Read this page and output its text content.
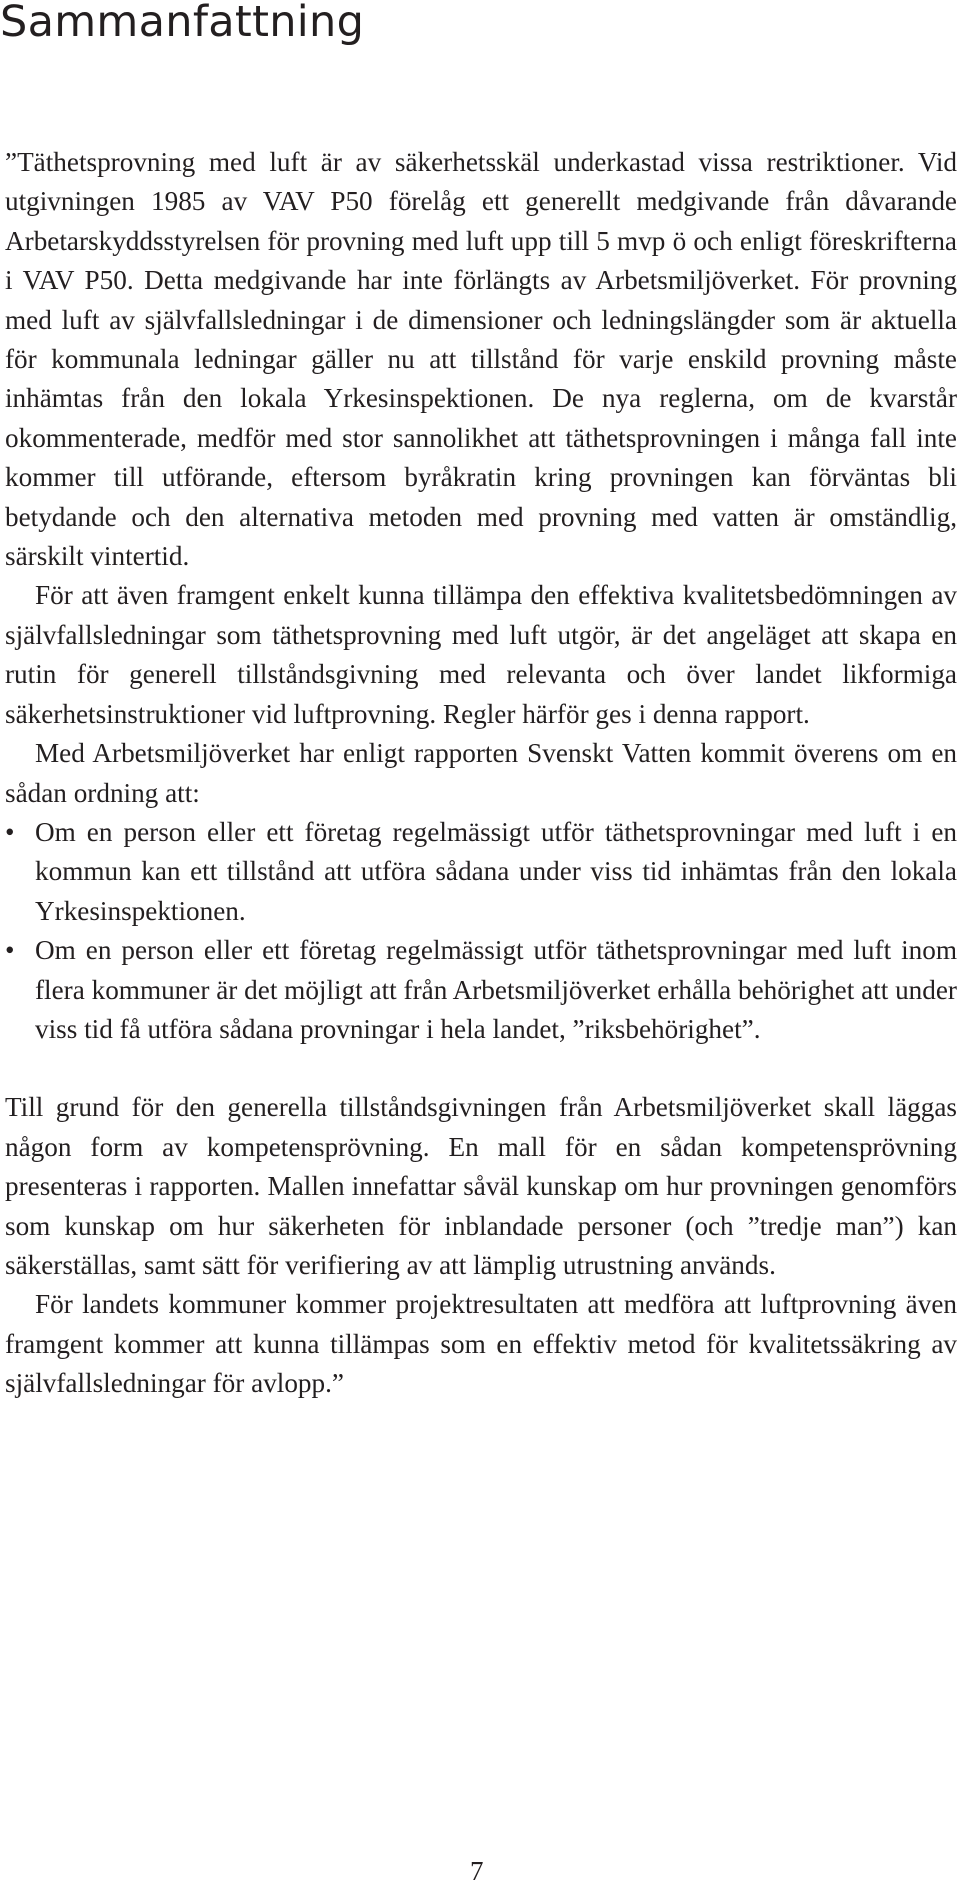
Sammanfattning

”Täthetsprovning med luft är av säkerhetsskäl underkastad vissa restriktioner. Vid utgivningen 1985 av VAV P50 förelåg ett generellt medgivande från dåvarande Arbetarskyddsstyrelsen för provning med luft upp till 5 mvp ö och enligt föreskrifterna i VAV P50. Detta medgivande har inte förlängts av Arbetsmiljöverket. För provning med luft av självfallsledningar i de dimensioner och ledningslängder som är aktuella för kommunala ledningar gäller nu att tillstånd för varje enskild provning måste inhämtas från den lokala Yrkesinspektionen. De nya reglerna, om de kvarstår okommenterade, medför med stor sannolikhet att täthetsprovningen i många fall inte kommer till utförande, eftersom byråkratin kring provningen kan förväntas bli betydande och den alternativa metoden med provning med vatten är omständlig, särskilt vintertid.

För att även framgent enkelt kunna tillämpa den effektiva kvalitetsbedömningen av självfallsledningar som täthetsprovning med luft utgör, är det angeläget att skapa en rutin för generell tillståndsgivning med relevanta och över landet likformiga säkerhetsinstruktioner vid luftprovning. Regler härför ges i denna rapport.

Med Arbetsmiljöverket har enligt rapporten Svenskt Vatten kommit överens om en sådan ordning att:

• Om en person eller ett företag regelmässigt utför täthetsprovningar med luft i en kommun kan ett tillstånd att utföra sådana under viss tid inhämtas från den lokala Yrkesinspektionen.
• Om en person eller ett företag regelmässigt utför täthetsprovningar med luft inom flera kommuner är det möjligt att från Arbetsmiljöverket erhålla behörighet att under viss tid få utföra sådana provningar i hela landet, ”riksbehörighet”.

Till grund för den generella tillståndsgivningen från Arbetsmiljöverket skall läggas någon form av kompetensprövning. En mall för en sådan kompetensprövning presenteras i rapporten. Mallen innefattar såväl kunskap om hur provningen genomförs som kunskap om hur säkerheten för inblandade personer (och ”tredje man”) kan säkerställas, samt sätt för verifiering av att lämplig utrustning används.

För landets kommuner kommer projektresultaten att medföra att luftprovning även framgent kommer att kunna tillämpas som en effektiv metod för kvalitetssäkring av självfallsledningar för avlopp.”

7
